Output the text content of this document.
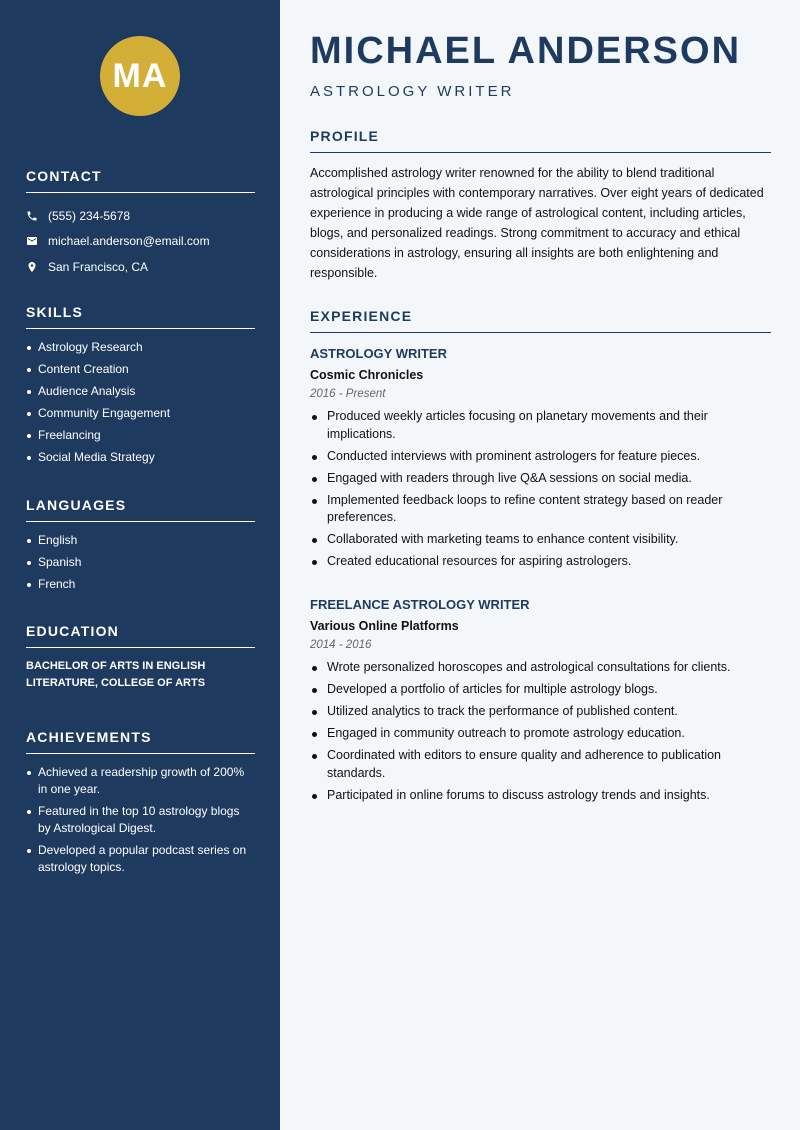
MA
CONTACT
(555) 234-5678
michael.anderson@email.com
San Francisco, CA
SKILLS
Astrology Research
Content Creation
Audience Analysis
Community Engagement
Freelancing
Social Media Strategy
LANGUAGES
English
Spanish
French
EDUCATION
BACHELOR OF ARTS IN ENGLISH LITERATURE, COLLEGE OF ARTS
ACHIEVEMENTS
Achieved a readership growth of 200% in one year.
Featured in the top 10 astrology blogs by Astrological Digest.
Developed a popular podcast series on astrology topics.
MICHAEL ANDERSON
ASTROLOGY WRITER
PROFILE

Accomplished astrology writer renowned for the ability to blend traditional astrological principles with contemporary narratives. Over eight years of dedicated experience in producing a wide range of astrological content, including articles, blogs, and personalized readings. Strong commitment to accuracy and ethical considerations in astrology, ensuring all insights are both enlightening and responsible.

EXPERIENCE
ASTROLOGY WRITER
Cosmic Chronicles
2016 - Present
Produced weekly articles focusing on planetary movements and their implications.
Conducted interviews with prominent astrologers for feature pieces.
Engaged with readers through live Q&A sessions on social media.
Implemented feedback loops to refine content strategy based on reader preferences.
Collaborated with marketing teams to enhance content visibility.
Created educational resources for aspiring astrologers.
FREELANCE ASTROLOGY WRITER
Various Online Platforms
2014 - 2016
Wrote personalized horoscopes and astrological consultations for clients.
Developed a portfolio of articles for multiple astrology blogs.
Utilized analytics to track the performance of published content.
Engaged in community outreach to promote astrology education.
Coordinated with editors to ensure quality and adherence to publication standards.
Participated in online forums to discuss astrology trends and insights.
